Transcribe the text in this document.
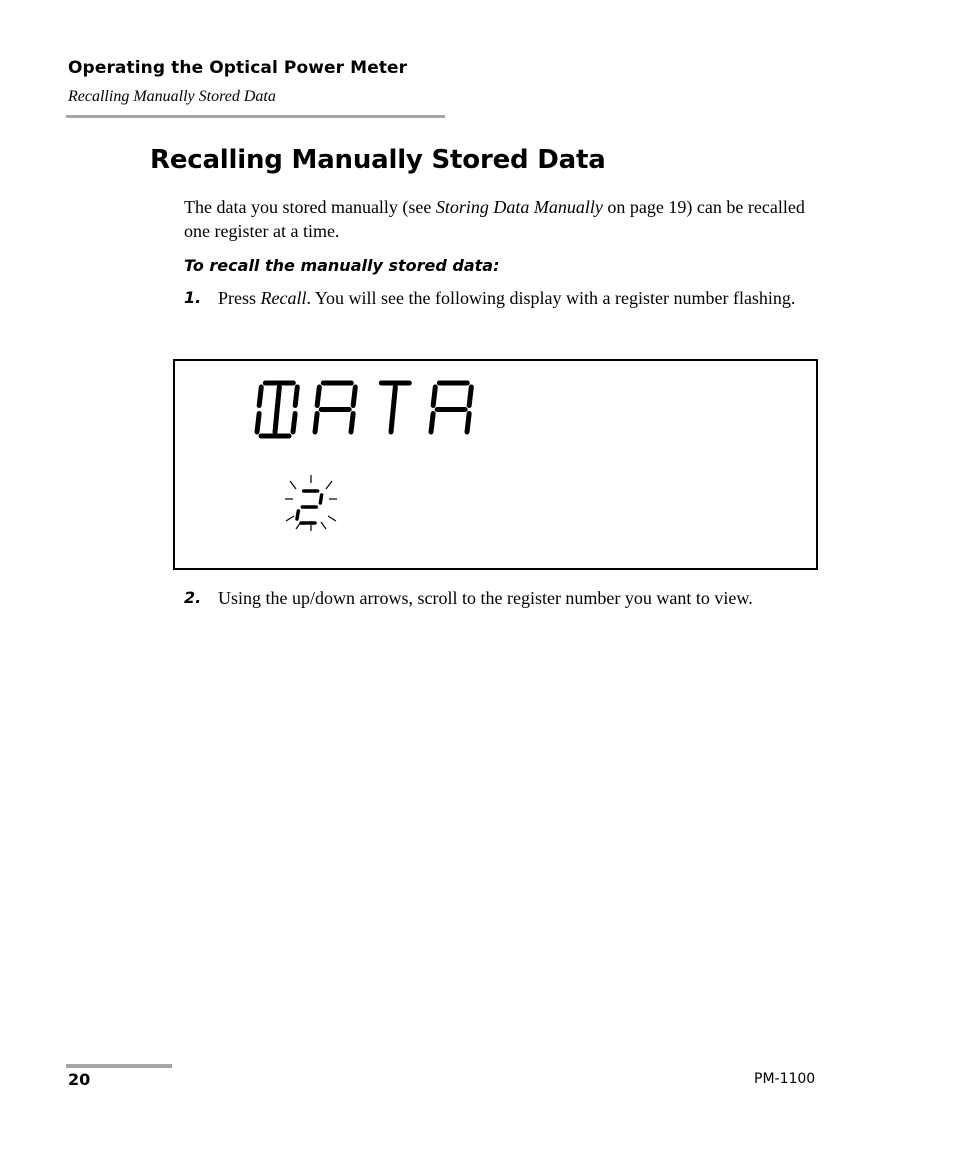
Operating the Optical Power Meter
Recalling Manually Stored Data
Recalling Manually Stored Data
The data you stored manually (see Storing Data Manually on page 19) can be recalled one register at a time.
To recall the manually stored data:
1. Press Recall. You will see the following display with a register number flashing.
2. Using the up/down arrows, scroll to the register number you want to view.
20	PM-1100
